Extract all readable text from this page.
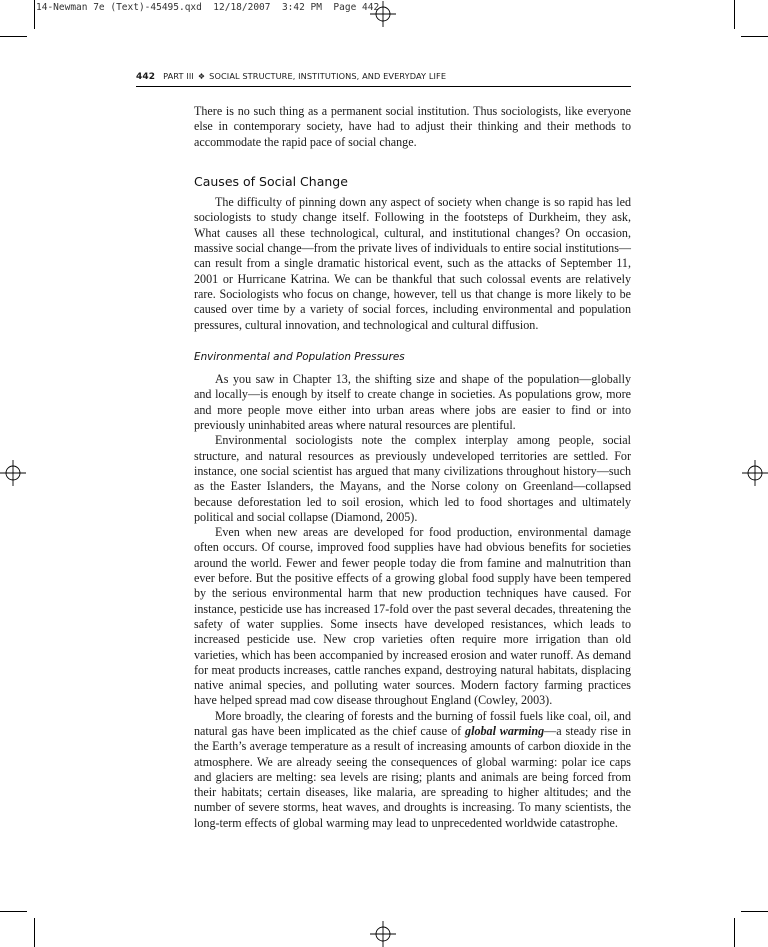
14-Newman 7e (Text)-45495.qxd  12/18/2007  3:42 PM  Page 442
442 PART III ❖ SOCIAL STRUCTURE, INSTITUTIONS, AND EVERYDAY LIFE

There is no such thing as a permanent social institution. Thus sociologists, like everyone else in contemporary society, have had to adjust their thinking and their methods to accommodate the rapid pace of social change.

Causes of Social Change

The difficulty of pinning down any aspect of society when change is so rapid has led sociologists to study change itself. Following in the footsteps of Durkheim, they ask, What causes all these technological, cultural, and institutional changes? On occasion, massive social change—from the private lives of individuals to entire social institutions—can result from a single dramatic historical event, such as the attacks of September 11, 2001 or Hurricane Katrina. We can be thankful that such colossal events are relatively rare. Sociologists who focus on change, however, tell us that change is more likely to be caused over time by a variety of social forces, including environmental and population pressures, cultural innovation, and technological and cultural diffusion.

Environmental and Population Pressures

As you saw in Chapter 13, the shifting size and shape of the population—globally and locally—is enough by itself to create change in societies. As populations grow, more and more people move either into urban areas where jobs are easier to find or into previously uninhabited areas where natural resources are plentiful.

Environmental sociologists note the complex interplay among people, social structure, and natural resources as previously undeveloped territories are settled. For instance, one social scientist has argued that many civilizations throughout history—such as the Easter Islanders, the Mayans, and the Norse colony on Greenland—collapsed because deforestation led to soil erosion, which led to food shortages and ultimately political and social collapse (Diamond, 2005).

Even when new areas are developed for food production, environmental damage often occurs. Of course, improved food supplies have had obvious benefits for societies around the world. Fewer and fewer people today die from famine and malnutrition than ever before. But the positive effects of a growing global food supply have been tempered by the serious environmental harm that new production techniques have caused. For instance, pesticide use has increased 17-fold over the past several decades, threatening the safety of water supplies. Some insects have developed resistances, which leads to increased pesticide use. New crop varieties often require more irrigation than old varieties, which has been accompanied by increased erosion and water runoff. As demand for meat products increases, cattle ranches expand, destroying natural habitats, displacing native animal species, and polluting water sources. Modern factory farming practices have helped spread mad cow disease throughout England (Cowley, 2003).

More broadly, the clearing of forests and the burning of fossil fuels like coal, oil, and natural gas have been implicated as the chief cause of global warming—a steady rise in the Earth’s average temperature as a result of increasing amounts of carbon dioxide in the atmosphere. We are already seeing the consequences of global warming: polar ice caps and glaciers are melting: sea levels are rising; plants and animals are being forced from their habitats; certain diseases, like malaria, are spreading to higher altitudes; and the number of severe storms, heat waves, and droughts is increasing. To many scientists, the long-term effects of global warming may lead to unprecedented worldwide catastrophe.
